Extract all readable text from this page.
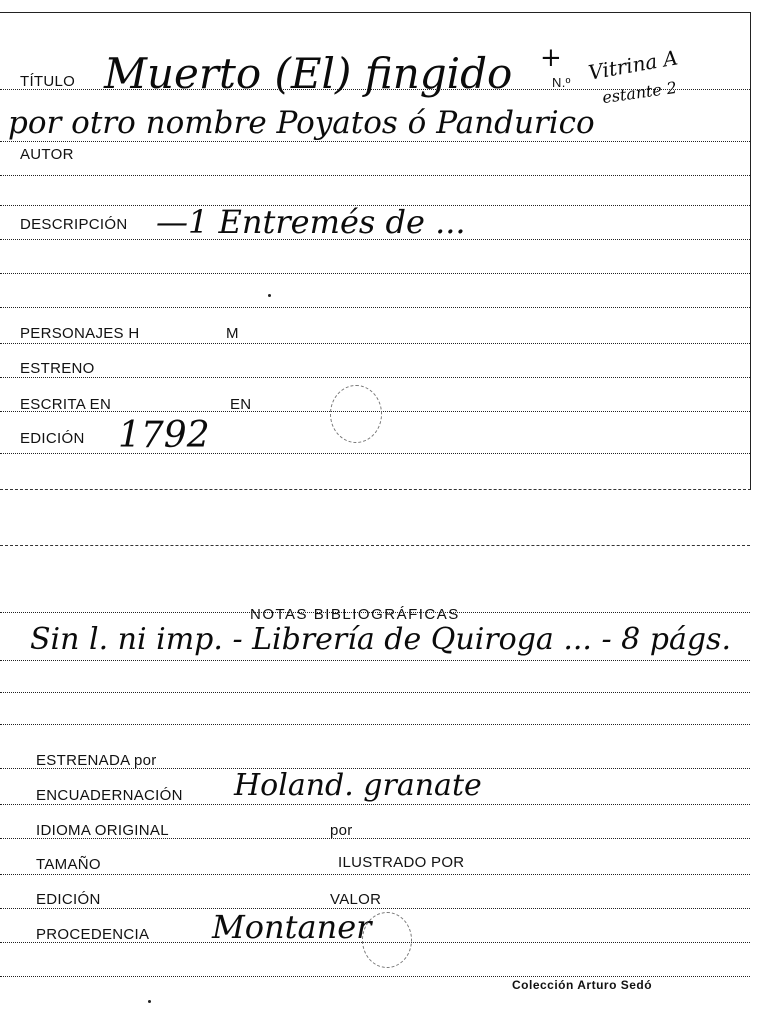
TÍTULO Muerto (El) fingido +
N.º Vitrina A
estante 2
por otro nombre Poyatos ó Pandurico
AUTOR
DESCRIPCIÓN —1 Entremés de ...
PERSONAJES H	M
ESTRENO
ESCRITA EN	EN
EDICIÓN 1792
NOTAS BIBLIOGRÁFICAS
Sin l. ni imp. - Librería de Quiroga ... - 8 págs.
ESTRENADA por
ENCUADERNACIÓN Holand. granate
IDIOMA ORIGINAL	por
TAMAÑO	ILUSTRADO POR
EDICIÓN	VALOR
PROCEDENCIA Montaner
Colección Arturo Sedó
